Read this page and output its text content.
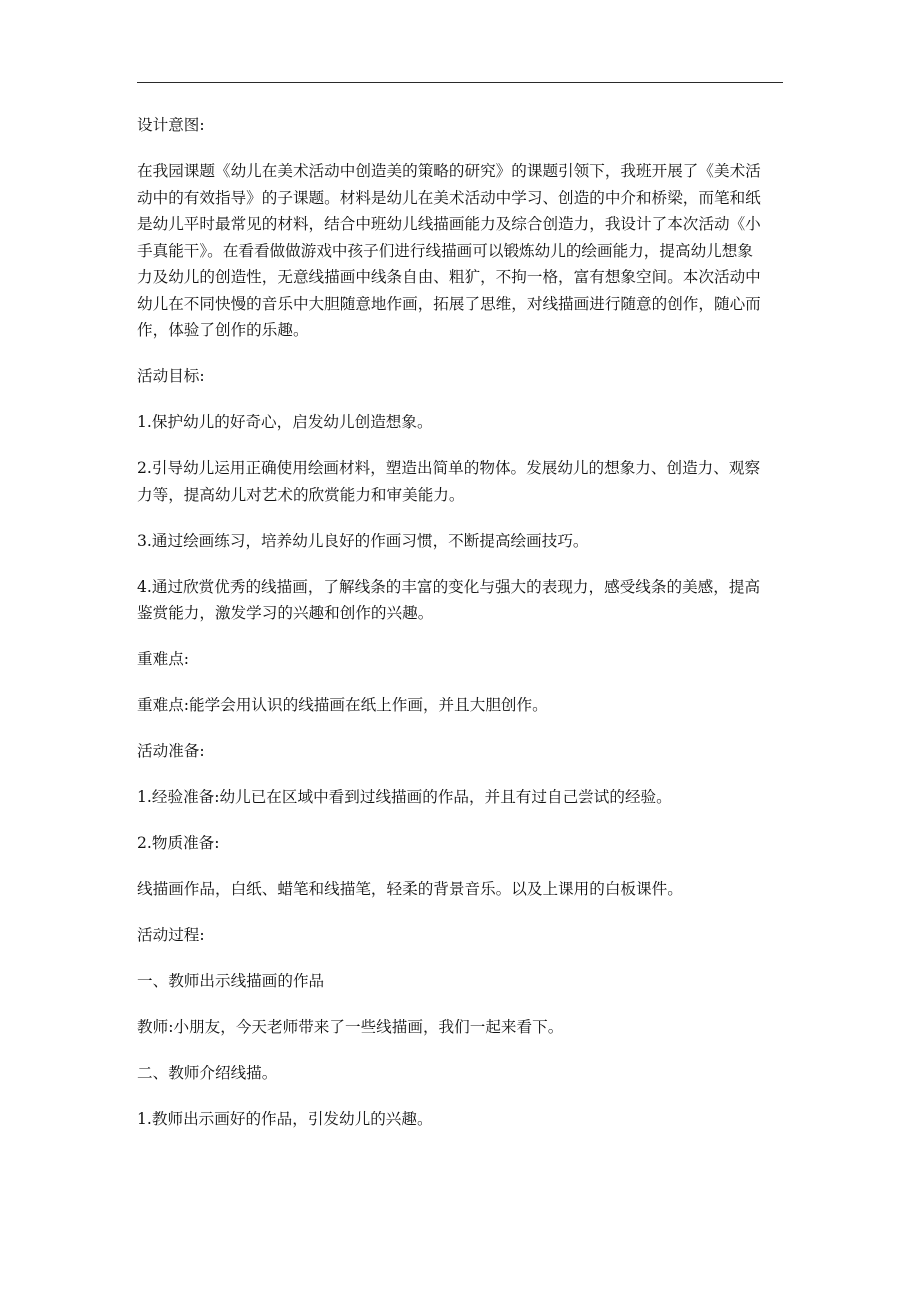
设计意图:

在我园课题《幼儿在美术活动中创造美的策略的研究》的课题引领下，我班开展了《美术活
动中的有效指导》的子课题。材料是幼儿在美术活动中学习、创造的中介和桥梁，而笔和纸
是幼儿平时最常见的材料，结合中班幼儿线描画能力及综合创造力，我设计了本次活动《小
手真能干》。在看看做做游戏中孩子们进行线描画可以锻炼幼儿的绘画能力，提高幼儿想象
力及幼儿的创造性，无意线描画中线条自由、粗犷，不拘一格，富有想象空间。本次活动中
幼儿在不同快慢的音乐中大胆随意地作画，拓展了思维，对线描画进行随意的创作，随心而
作，体验了创作的乐趣。

活动目标:

1.保护幼儿的好奇心，启发幼儿创造想象。

2.引导幼儿运用正确使用绘画材料，塑造出简单的物体。发展幼儿的想象力、创造力、观察
力等，提高幼儿对艺术的欣赏能力和审美能力。

3.通过绘画练习，培养幼儿良好的作画习惯，不断提高绘画技巧。

4.通过欣赏优秀的线描画，了解线条的丰富的变化与强大的表现力，感受线条的美感，提高
鉴赏能力，激发学习的兴趣和创作的兴趣。

重难点:

重难点:能学会用认识的线描画在纸上作画，并且大胆创作。

活动准备:

1.经验准备:幼儿已在区域中看到过线描画的作品，并且有过自己尝试的经验。

2.物质准备:

线描画作品，白纸、蜡笔和线描笔，轻柔的背景音乐。以及上课用的白板课件。

活动过程:

一、教师出示线描画的作品

教师:小朋友，今天老师带来了一些线描画，我们一起来看下。

二、教师介绍线描。

1.教师出示画好的作品，引发幼儿的兴趣。
